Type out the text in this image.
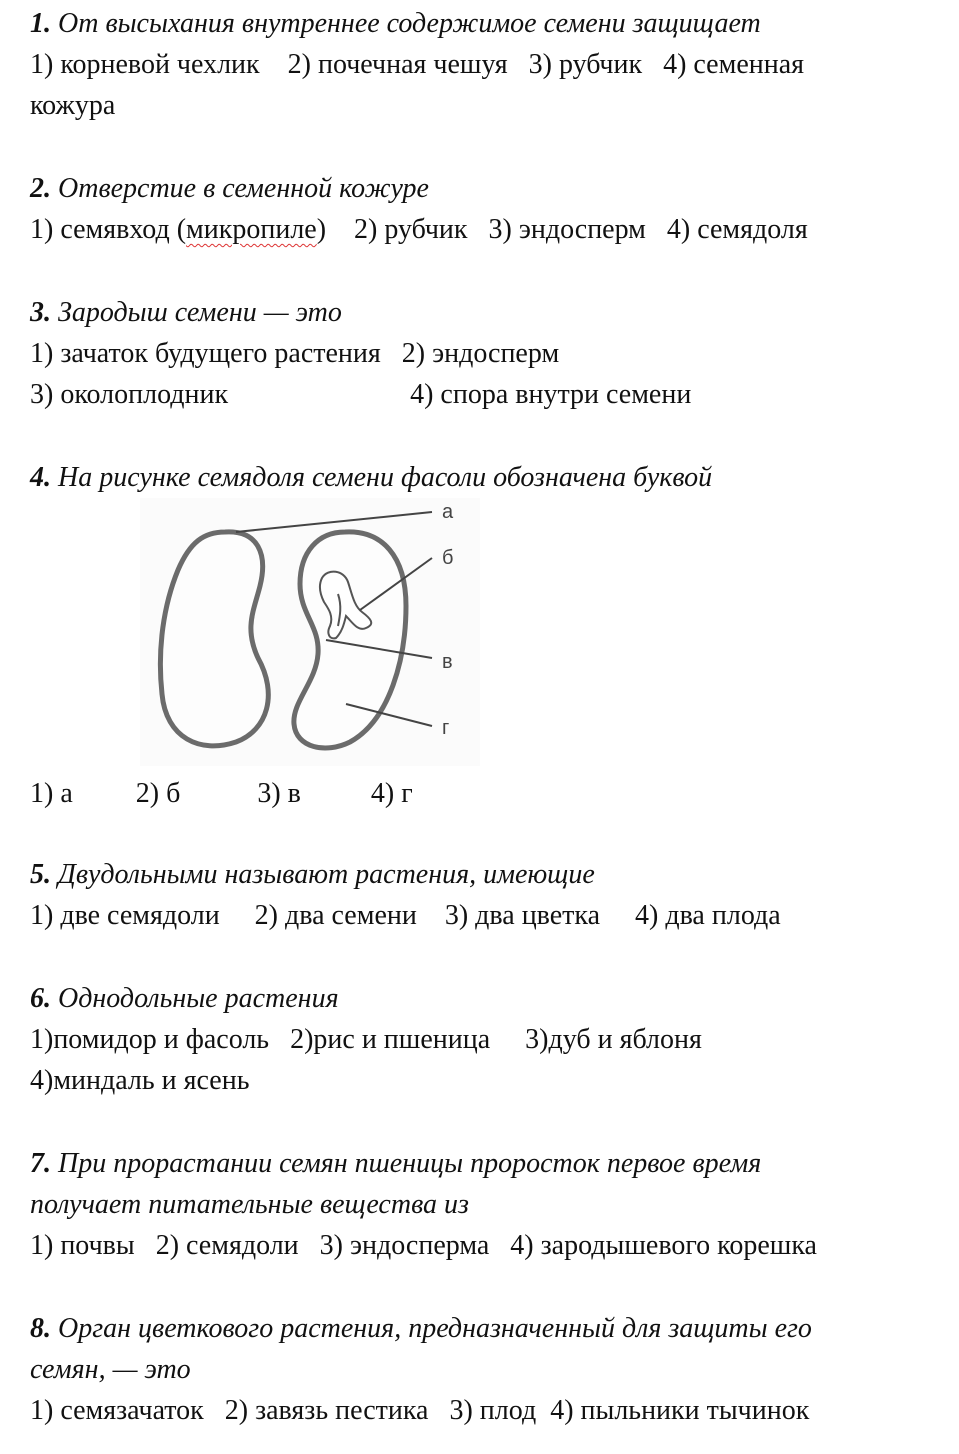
1. От высыхания внутреннее содержимое семени защищает
1) корневой чехлик    2) почечная чешуя   3) рубчик   4) семенная
кожура
2. Отверстие в семенной кожуре
1) семявход (микропиле)    2) рубчик   3) эндосперм   4) семядоля
3. Зародыш семени — это
1) зачаток будущего растения   2) эндосперм
3) околоплодник                          4) спора внутри семени
4. На рисунке семядоля семени фасоли обозначена буквой
а
б
в
г
1) а         2) б           3) в          4) г
5. Двудольными называют растения, имеющие
1) две семядоли     2) два семени    3) два цветка     4) два плода
6. Однодольные растения
1)помидор и фасоль   2)рис и пшеница     3)дуб и яблоня
4)миндаль и ясень
7. При прорастании семян пшеницы проросток первое время
получает питательные вещества из
1) почвы   2) семядоли   3) эндосперма   4) зародышевого корешка
8. Орган цветкового растения, предназначенный для защиты его
семян, — это
1) семязачаток   2) завязь пестика   3) плод  4) пыльники тычинок
